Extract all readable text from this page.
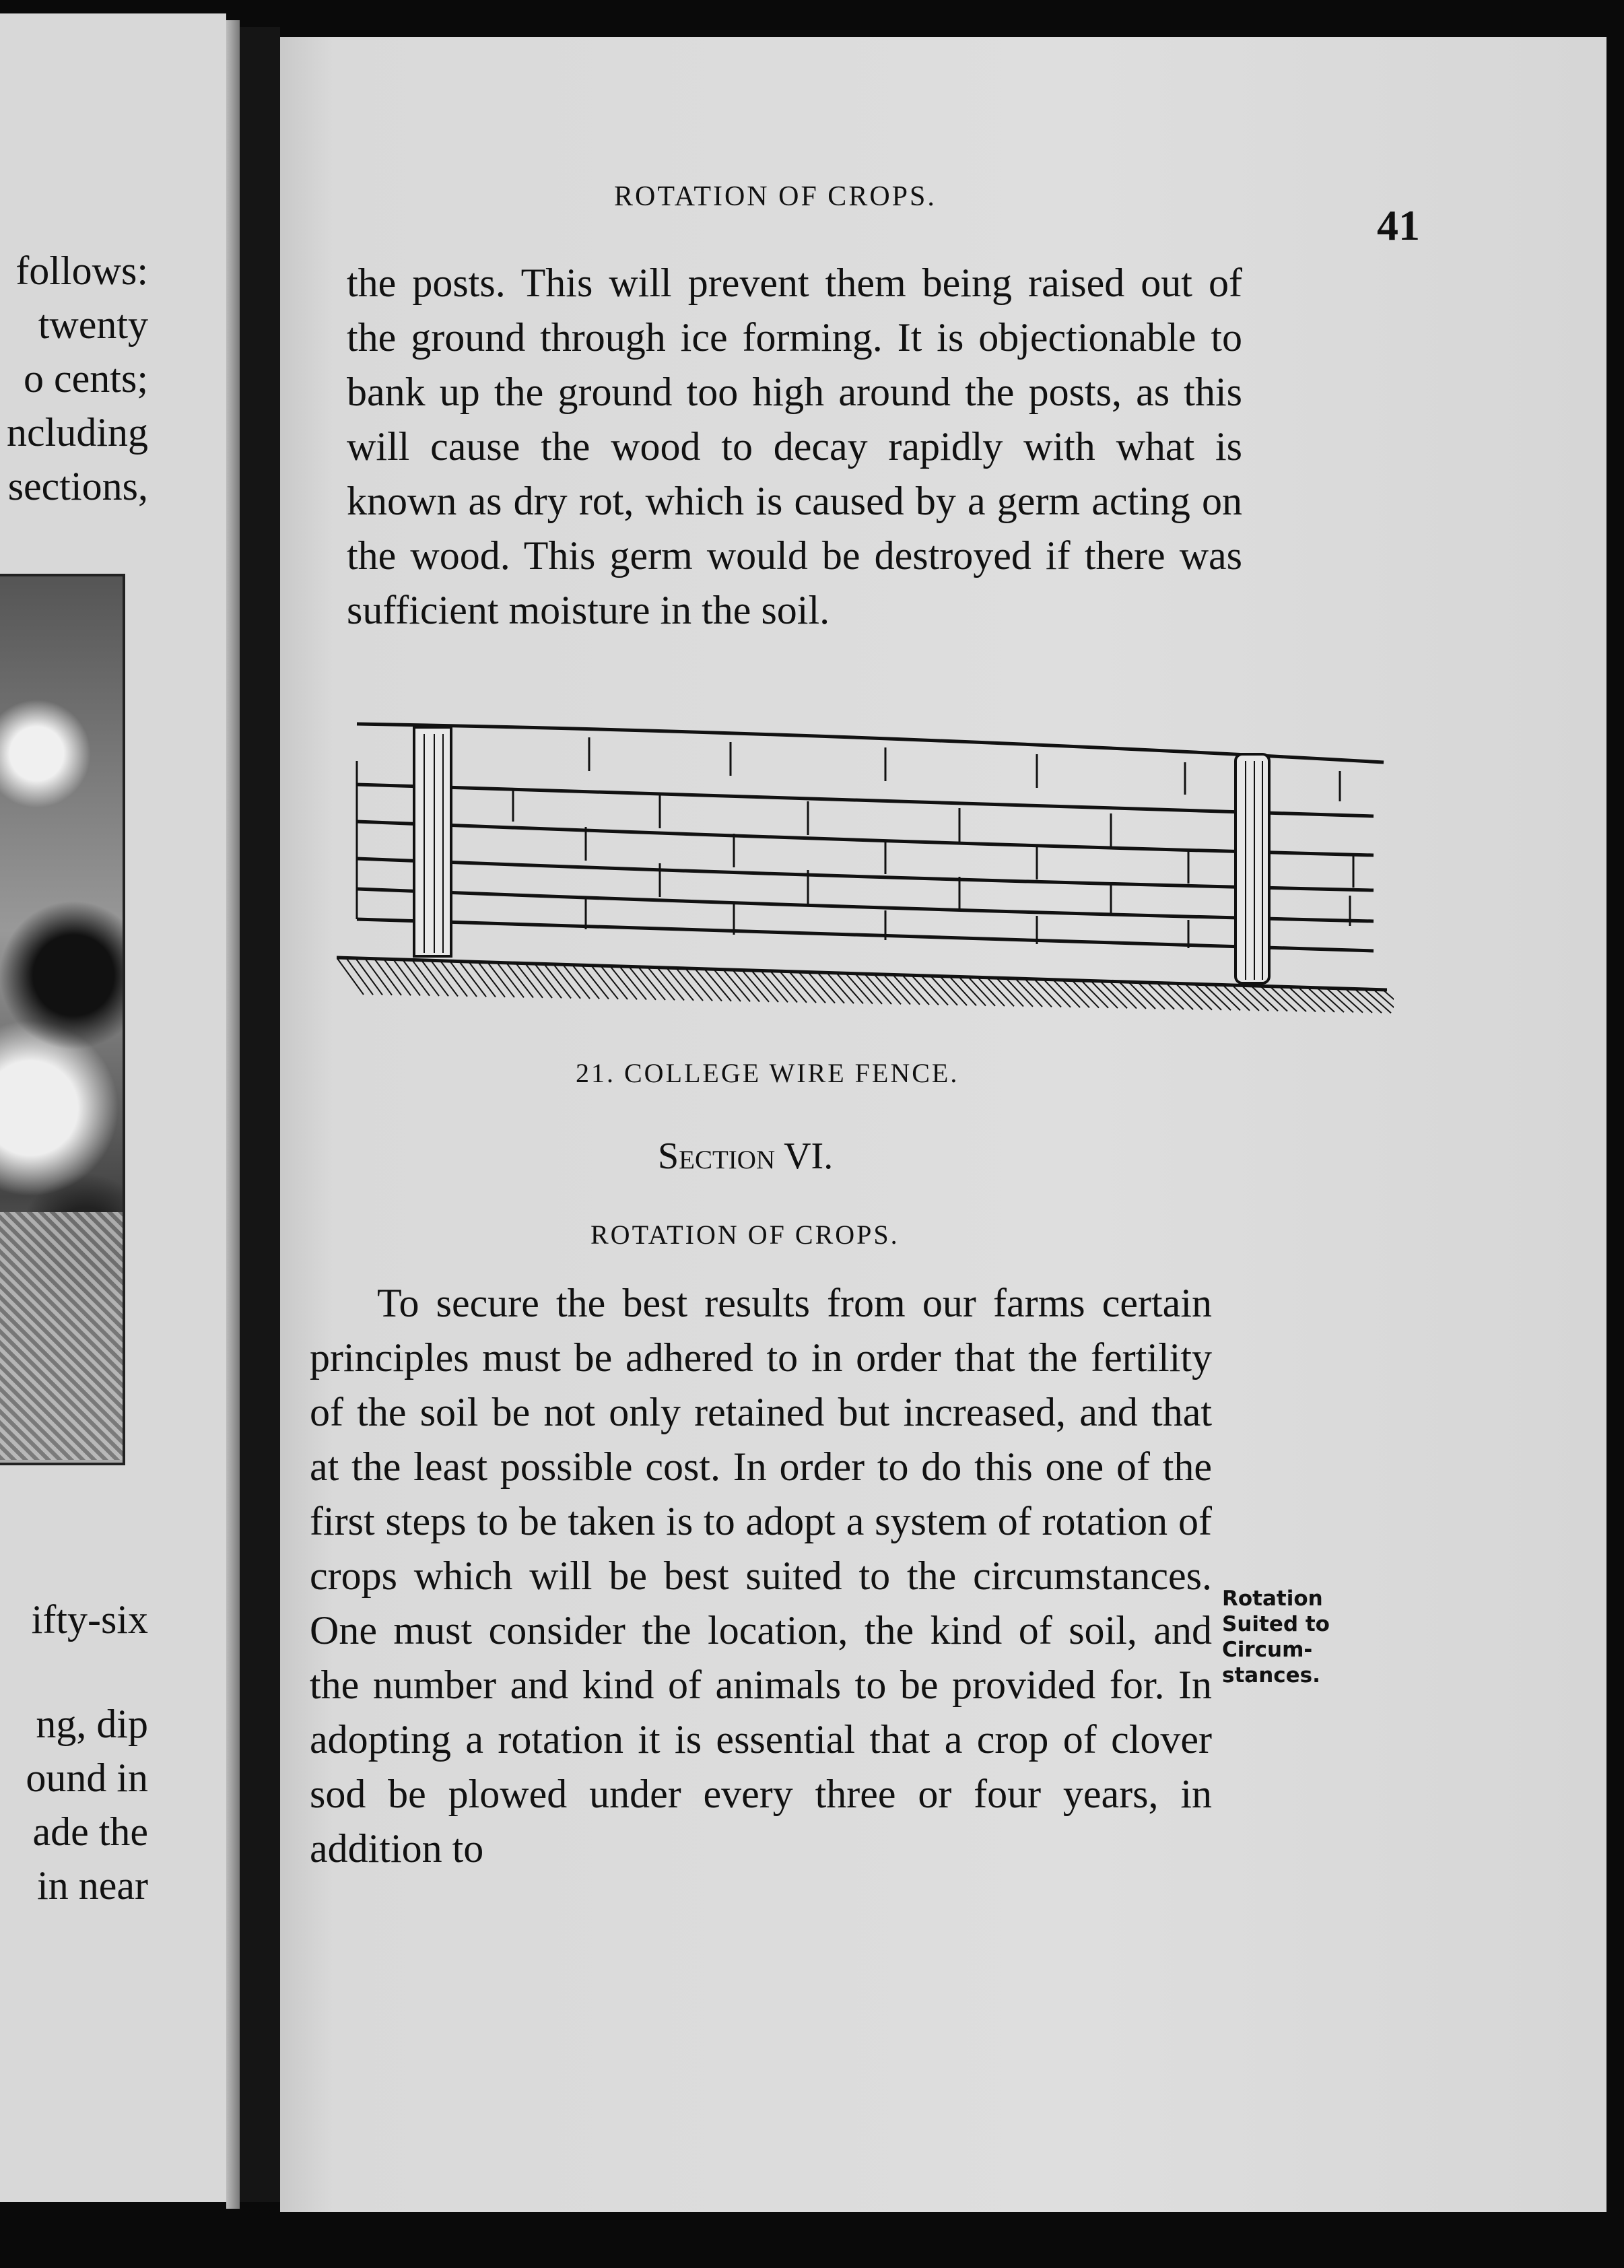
follows:
twenty
o cents;
ncluding
sections,
ifty-six
ng, dip
ound in
ade the
in near
ROTATION OF CROPS.
41
the posts. This will prevent them being raised out of the ground through ice forming. It is objectionable to bank up the ground too high around the posts, as this will cause the wood to decay rapidly with what is known as dry rot, which is caused by a germ acting on the wood. This germ would be destroyed if there was sufficient moisture in the soil.
21. COLLEGE WIRE FENCE.
Section VI.
ROTATION OF CROPS.
To secure the best results from our farms certain principles must be adhered to in order that the fertility of the soil be not only retained but increased, and that at the least possible cost. In order to do this one of the first steps to be taken is to adopt a system of rotation of crops which will be best suited to the circumstances. One must consider the location, the kind of soil, and the number and kind of animals to be provided for. In adopting a rotation it is essential that a crop of clover sod be plowed under every three or four years, in addition to
Rotation Suited to Circum- stances.
